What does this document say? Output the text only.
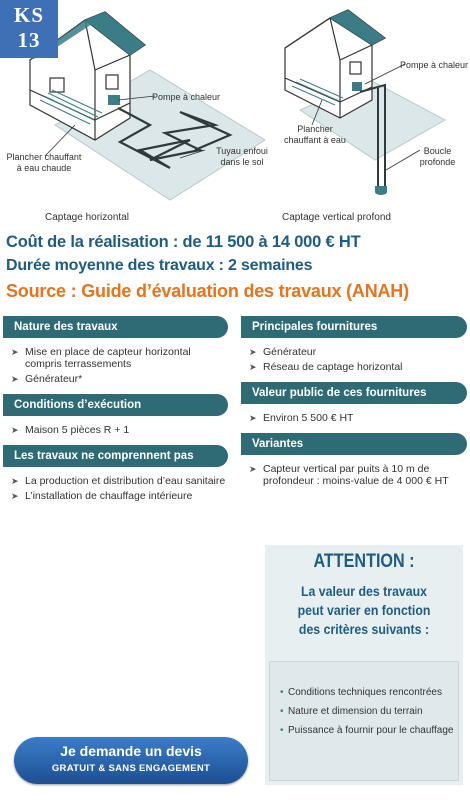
KS
13
Pompe à chaleur
Plancher chauffant
à eau chaude
Tuyau enfoui
dans le sol
Captage horizontal
Pompe à chaleur
Plancher
chauffant à eau
Boucle
profonde
Captage vertical profond
Coût de la réalisation : de 11 500 à 14 000 € HT
Durée moyenne des travaux : 2 semaines
Source : Guide d’évaluation des travaux (ANAH)
Nature des travaux
➤ Mise en place de capteur horizontal compris terrassements
➤ Générateur*
Conditions d’exécution
➤ Maison 5 pièces R + 1
Les travaux ne comprennent pas
➤ La production et distribution d’eau sanitaire
➤ L’installation de chauffage intérieure
Principales fournitures
➤ Générateur
➤ Réseau de captage horizontal
Valeur public de ces fournitures
➤ Environ 5 500 € HT
Variantes
➤ Capteur vertical par puits à 10 m de profondeur : moins-value de 4 000 € HT
ATTENTION :
La valeur des travaux
peut varier en fonction
des critères suivants :
• Conditions techniques rencontrées
• Nature et dimension du terrain
• Puissance à fournir pour le chauffage
Je demande un devis
GRATUIT & SANS ENGAGEMENT
